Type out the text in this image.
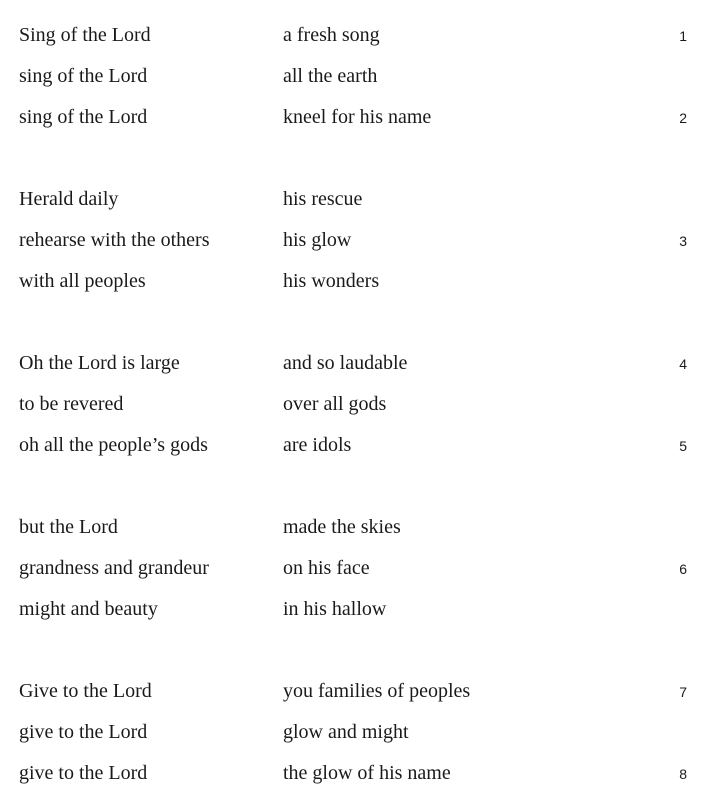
Sing of the Lord	a fresh song	1
sing of the Lord	all the earth
sing of the Lord	kneel for his name	2
Herald daily	his rescue
rehearse with the others	his glow	3
with all peoples	his wonders
Oh the Lord is large	and so laudable	4
to be revered	over all gods
oh all the people’s gods	are idols	5
but the Lord	made the skies
grandness and grandeur	on his face	6
might and beauty	in his hallow
Give to the Lord	you families of peoples	7
give to the Lord	glow and might
give to the Lord	the glow of his name	8
